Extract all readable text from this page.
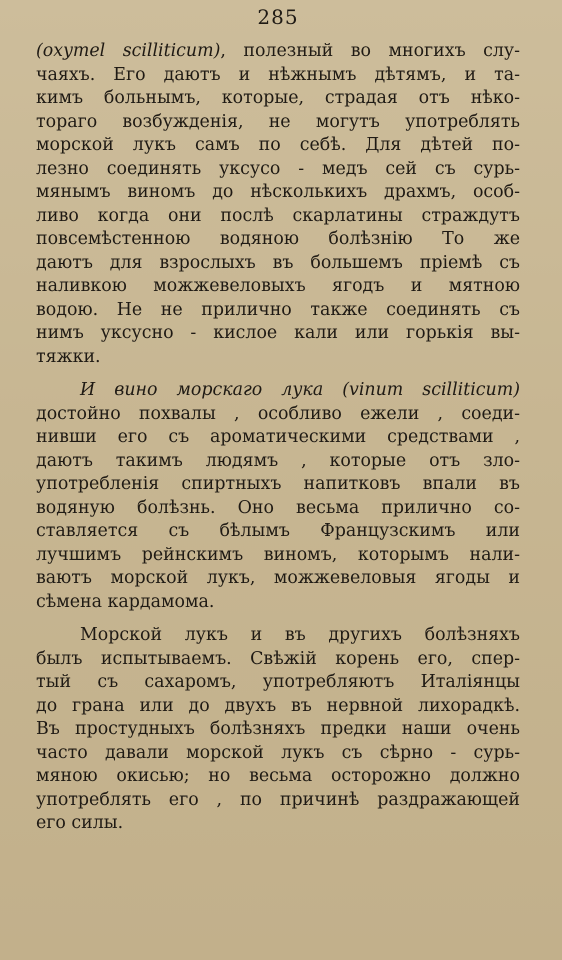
285
(oxymel scilliticum), полезный во многихъ слу-
чаяхъ. Его даютъ и нѣжнымъ дѣтямъ, и та-
кимъ больнымъ, которые, страдая отъ нѣко-
тораго возбужденія, не могутъ употреблять
морской лукъ самъ по себѣ. Для дѣтей по-
лезно соединять уксусо - медъ сей съ сурь-
мянымъ виномъ до нѣсколькихъ драхмъ, особ-
ливо когда они послѣ скарлатины страждутъ
повсемѣстенною водяною болѣзнію То же
даютъ для взрослыхъ въ большемъ пріемѣ съ
наливкою можжевеловыхъ ягодъ и мятною
водою. Не не прилично также соединять съ
нимъ уксусно - кислое кали или горькія вы-
тяжки.
И вино морскаго лука (vinum scilliticum)
достойно похвалы , особливо ежели , соеди-
нивши его съ ароматическими средствами ,
даютъ такимъ людямъ , которые отъ зло-
употребленія спиртныхъ напитковъ впали въ
водяную болѣзнь. Оно весьма прилично со-
ставляется съ бѣлымъ Французскимъ или
лучшимъ рейнскимъ виномъ, которымъ нали-
ваютъ морской лукъ, можжевеловыя ягоды и
сѣмена кардамома.
Морской лукъ и въ другихъ болѣзняхъ
былъ испытываемъ. Свѣжій корень его, спер-
тый съ сахаромъ, употребляютъ Италіянцы
до грана или до двухъ въ нервной лихорадкѣ.
Въ простудныхъ болѣзняхъ предки наши очень
часто давали морской лукъ съ сѣрно - сурь-
мяною окисью; но весьма осторожно должно
употреблять его , по причинѣ раздражающей
его силы.
